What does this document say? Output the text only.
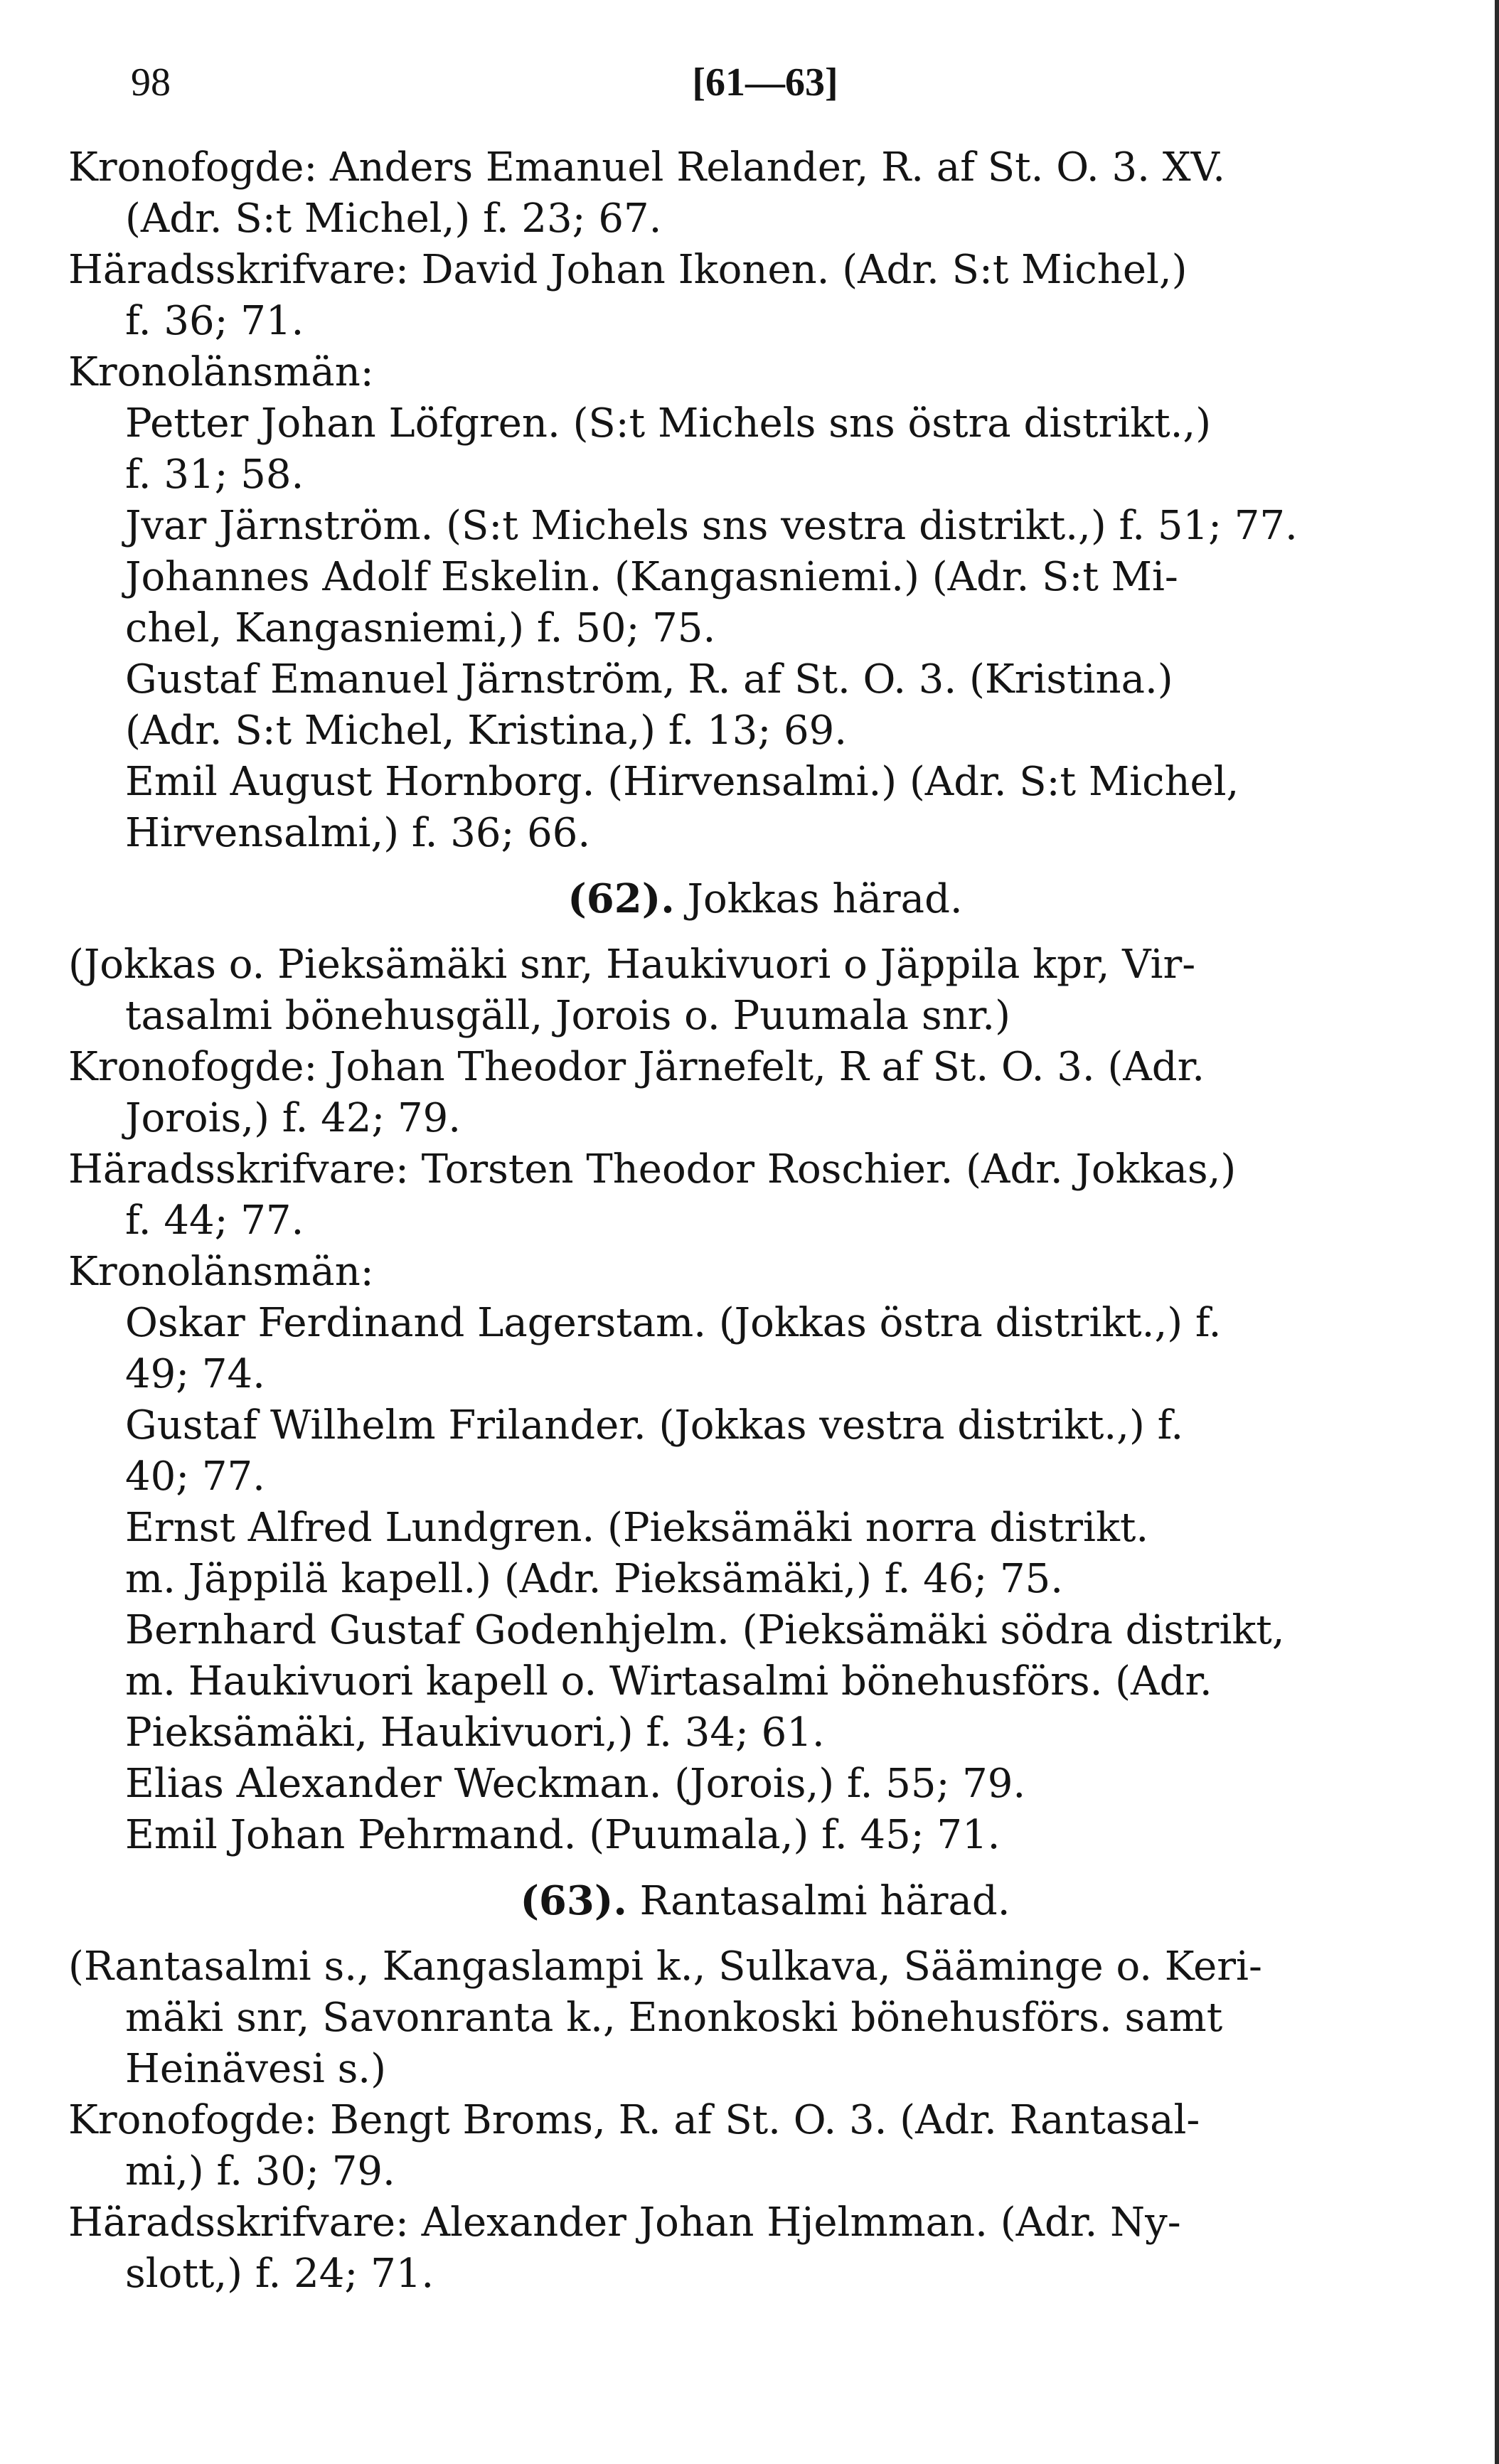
98	[61—63]
Kronofogde: Anders Emanuel Relander, R. af St. O. 3. XV.
(Adr. S:t Michel,) f. 23; 67.
Häradsskrifvare: David Johan Ikonen. (Adr. S:t Michel,)
f. 36; 71.
Kronolänsmän:
Petter Johan Löfgren. (S:t Michels sns östra distrikt.,)
f. 31; 58.
Jvar Järnström. (S:t Michels sns vestra distrikt.,) f. 51; 77.
Johannes Adolf Eskelin. (Kangasniemi.) (Adr. S:t Mi-
chel, Kangasniemi,) f. 50; 75.
Gustaf Emanuel Järnström, R. af St. O. 3. (Kristina.)
(Adr. S:t Michel, Kristina,) f. 13; 69.
Emil August Hornborg. (Hirvensalmi.) (Adr. S:t Michel,
Hirvensalmi,) f. 36; 66.
(62). Jokkas härad.
(Jokkas o. Pieksämäki snr, Haukivuori o Jäppila kpr, Vir-
tasalmi bönehusgäll, Jorois o. Puumala snr.)
Kronofogde: Johan Theodor Järnefelt, R af St. O. 3. (Adr.
Jorois,) f. 42; 79.
Häradsskrifvare: Torsten Theodor Roschier. (Adr. Jokkas,)
f. 44; 77.
Kronolänsmän:
Oskar Ferdinand Lagerstam. (Jokkas östra distrikt.,) f.
49; 74.
Gustaf Wilhelm Frilander. (Jokkas vestra distrikt.,) f.
40; 77.
Ernst Alfred Lundgren. (Pieksämäki norra distrikt.
m. Jäppilä kapell.) (Adr. Pieksämäki,) f. 46; 75.
Bernhard Gustaf Godenhjelm. (Pieksämäki södra distrikt,
m. Haukivuori kapell o. Wirtasalmi bönehusförs. (Adr.
Pieksämäki, Haukivuori,) f. 34; 61.
Elias Alexander Weckman. (Jorois,) f. 55; 79.
Emil Johan Pehrmand. (Puumala,) f. 45; 71.
(63). Rantasalmi härad.
(Rantasalmi s., Kangaslampi k., Sulkava, Sääminge o. Keri-
mäki snr, Savonranta k., Enonkoski bönehusförs. samt
Heinävesi s.)
Kronofogde: Bengt Broms, R. af St. O. 3. (Adr. Rantasal-
mi,) f. 30; 79.
Häradsskrifvare: Alexander Johan Hjelmman. (Adr. Ny-
slott,) f. 24; 71.
